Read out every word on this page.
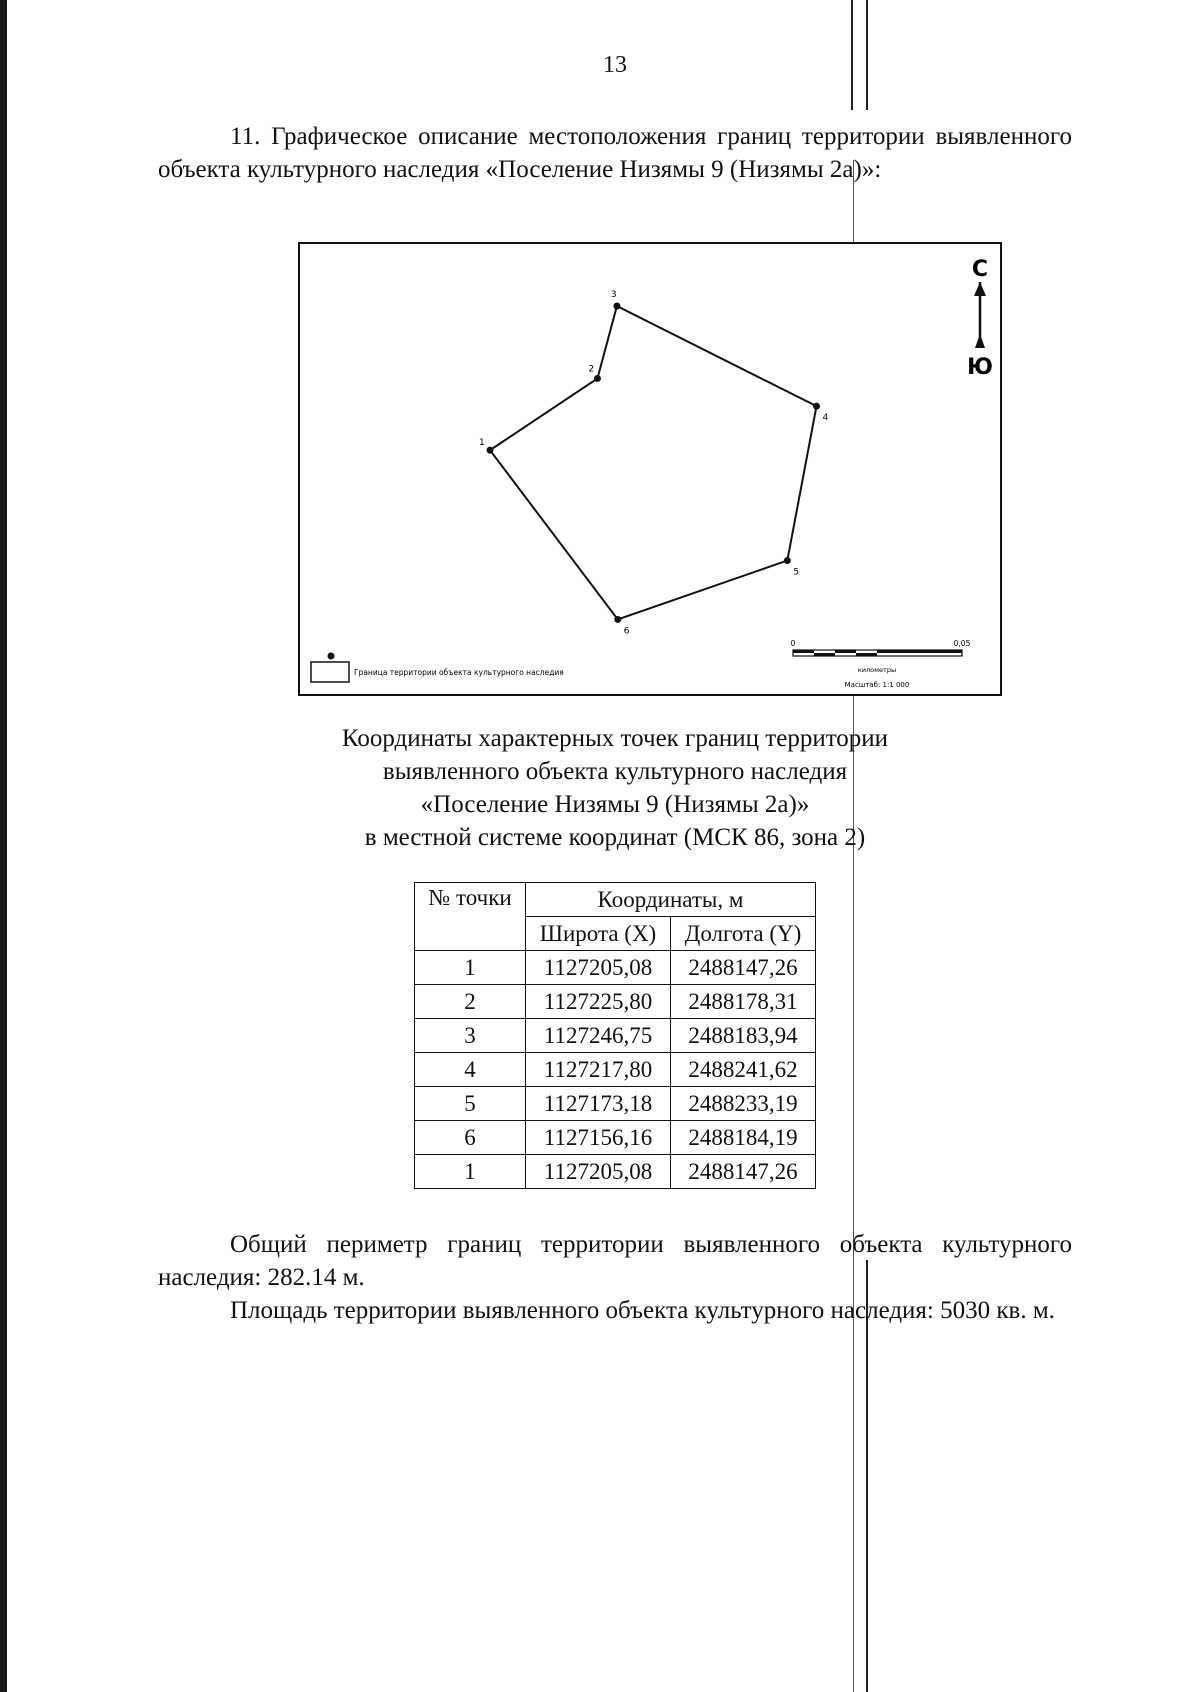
13

11. Графическое описание местоположения границ территории выявленного объекта культурного наследия «Поселение Низямы 9 (Низямы 2а)»:

1
2
3
4
5
6
С
Ю
Граница территории объекта культурного наследия
0	0,05
километры
Масштаб: 1:1 000
Координаты характерных точек границ территории
выявленного объекта культурного наследия
«Поселение Низямы 9 (Низямы 2а)»
в местной системе координат (МСК 86, зона 2)
№ точки	Координаты, м	
	Широта (X)	Долгота (Y)
1	1127205,08	2488147,26
2	1127225,80	2488178,31
3	1127246,75	2488183,94
4	1127217,80	2488241,62
5	1127173,18	2488233,19
6	1127156,16	2488184,19
1	1127205,08	2488147,26

Общий периметр границ территории выявленного объекта культурного наследия: 282.14 м.

Площадь территории выявленного объекта культурного наследия: 5030 кв. м.
